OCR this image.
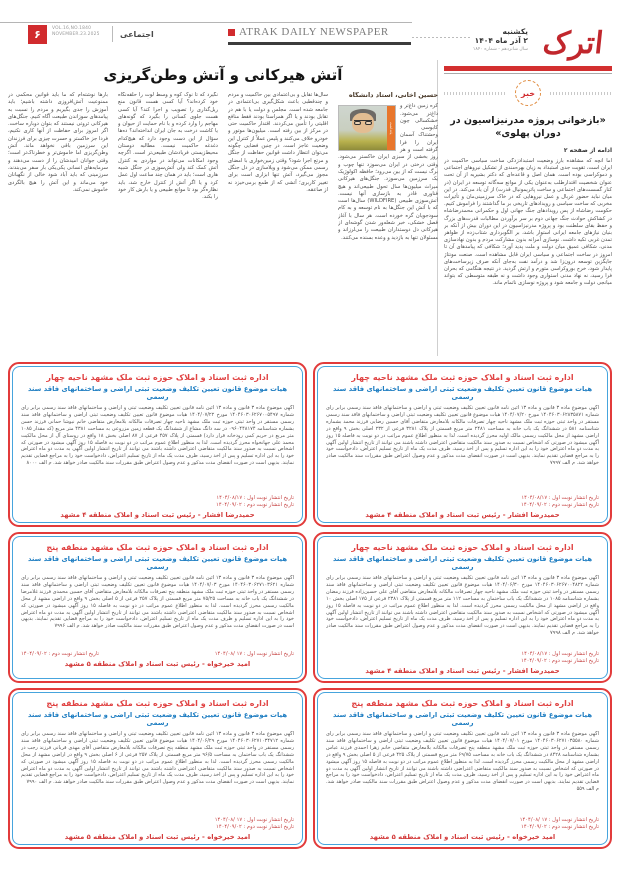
۶	VOL.16,NO.1840
NOVEMBER.23.2025	اجتماعی	ATRAK DAILY NEWSPAPER	یکشنبه
۲ آذر ماه ۱۴۰۴
سال شانزدهم - شماره ۱۸۴۰ اترک
خبر
«بازخوانی پروژه مدرنیزاسیون در دوران پهلوی»
ادامه از صفحه ۲
اما آنچه که مشاهده بارز وضعیت استبدادزدگی ساخت سیاسی حاکمیت در ایران است، تقویت جدی استبداد به زیان بهره‌مندی از تشکیل نیروهای اجتماعی و دموکراسی بوده است. همان اصل و قاعده‌ای که دکتر بشیریه از آن تحت عنوان شخصیت اقتدارطلب به‌عنوان یکی از موانع سه‌گانه توسعه در ایران (در کنار گسست‌های اجتماعی و ساخت پاتریمونیال قدرت) از آن یاد می‌کند. در این میان نباید حضور غربال و عمل نیروهایی که در خاک سرزمینی‌مان و تأثیرات مخربی که ساخت سیاسی و رویدادهای تاریخی بر ما گذاشتند را فراموش کنیم. حکومت رضاشاه از پس رویدادهای جنگ جهانی اول و حکمرانی محمدرضاشاه در کشاکش حوادث جنگ جهانی دوم بر سر برآوردن مطالبات قدرت‌های بزرگ و حفظ بقای سلطنت بود و پروژه مدرنیزاسیون در این دوران بیش از آنکه بر بنیان نیازهای جامعه ایرانی استوار باشد، بر الگوبرداری شتاب‌زده از ظواهر تمدن غربی تکیه داشت. نوسازی آمرانه بدون مشارکت مردم و بدون نهادسازی مدنی، شکافی عمیق میان دولت و ملت پدید آورد؛ شکافی که پیامدهای آن تا امروز در ساخت اجتماعی و سیاسی ایران قابل مشاهده است. صنعت مونتاژ جایگزین توسعه درون‌زا شد و درآمد نفت به‌جای آنکه صرف زیرساخت‌های پایدار شود، خرج بوروکراسی متورم و ارتش گردید. در نتیجه هنگامی که بحران فرا رسید، نه نهاد مدنی استواری وجود داشت و نه طبقه متوسطی که بتواند میانجی دولت و جامعه شود و پروژه نوسازی ناتمام ماند.
آتش هیرکانی و آتش وطن‌گریزی
حسین آخانی، استاد دانشگاه
یادداشت
کره زمین داغ‌تر و داغ‌تر می‌شود. خشکسالی چون کابوسی وحشتناک آسمان ایران را فرا گرفته است و هر روز بخشی از سبزی ایران خاکستر می‌شود. وقتی درختی در ایران می‌سوزد تنها چوب و برگ نیست که از بین می‌رود؛ حافظه اکولوژیک یک سرزمین می‌سوزد. جنگل‌های هیرکانی میراث میلیون‌ها سال تحول طبیعی‌اند و هیچ فناوری قادر به بازسازی آنها نیست. آتش‌سوزی طبیعی (WILDFIRE) سال‌ها است که با آتش این جنگل‌ها به نام توسعه و به کام سودجویان گره خورده است. هر سال با آغاز فصل خشکی، خبر شعله‌ور شدن گوشه‌ای از هیرکانی دل دوستداران طبیعت را می‌لرزاند و مسئولان تنها به بازدید و وعده بسنده می‌کنند.
سال‌ها تقابل و بی‌اعتمادی بین حاکمیت و مردم و چندقطبی باعث شکل‌گیری بی‌اعتمادی در جامعه شده است. مجلس و دولت یا با هم در تقابل بودند و یا اگر همراستا بودند فقط منافع اقلیتی را تأمین می‌کردند. اقتدار حاکمیت حتی در مرکز از بین رفته است. میلیون‌ها موتور و خودرو خلاف می‌کنند و پلیس عملاً از کنترل این وضعیت عاجز است. در چنین فضایی چگونه می‌توان انتظار داشت قوانین حفاظت از جنگل و مرتع اجرا شود؟ وقتی زمین‌خواری با امضای رسمی ممکن می‌شود و ویلاسازی در دل جنگل مجوز می‌گیرد، آتش تنها ابزاری است برای تغییر کاربری؛ آتشی که از طمع برمی‌خیزد نه از صاعقه.
نگیرد که تا نوک کوه و وسط لوت را حلقه‌نگاه خود کرده‌اند؟ آیا کسی هست قانون منع ریل‌گذاری را تصویب و اجرا کند؟ آیا کسی هست جلوی کسانی را بگیرد که گونه‌های مهاجم را وارد کرده و با نام حمایت از حیوان و یا کاشت درخت به جان ایران انداخته‌اند؟ ده‌ها سؤال از این دست وجود دارد که هیچ‌کدام دغدغه حاکمیت نیست. مطالبه دوستان محیط‌زیستی فریادشان طبیعی‌تر است. اگرچه وجود امکانات می‌تواند در مواردی به کنترل آتش کمک کند ولی آتش‌سوزی در جنگل شبیه هاری است؛ باید در همان چند ساعت اول عمل کرد و یا اگر آتش از کنترل خارج شد، باید نظاره‌گر بود تا موانع طبیعی و یا بارش کار خود را بکند.
بارها نوشته‌ام که ما باید قوانین محکمی در ممنوعیت آتش‌افروزی داشته باشیم؛ باید آموزش را جدی بگیریم و مردم را نسبت به پیامدهای سوزاندن طبیعت آگاه کنیم. جنگل‌های هیرکانی ثروتی نیستند که بتوان دوباره ساخت. اگر امروز برای حفاظت از آنها کاری نکنیم، فردا جز خاکستر و حسرت چیزی برای فرزندان این سرزمین باقی نخواهد ماند. آتش وطن‌گریزی اما خاموش‌تر و خطرناک‌تر است؛ وقتی جوانان امیدشان را از دست می‌دهند و سرمایه‌های انسانی یکی‌یکی بار سفر می‌بندند، سرزمینی که باید آباد شود خالی از نگهبانان خود می‌ماند و این آتش را هیچ بالگردی خاموش نمی‌کند.
اداره ثبت اسناد و املاک حوزه ثبت ملک مشهد ناحیه چهار
هیات موضوع قانون تعیین تکلیف وضعیت ثبتی اراضی و ساختمانهای فاقد سند رسمی
آگهی موضوع ماده ۳ قانون و ماده ۱۳ آئین نامه قانون تعیین تکلیف وضعیت ثبتی و اراضی و ساختمانهای فاقد سند رسمی برابر رای شماره ۱۴۰۴۶۰۳۰۶۲۸۳۵۸۷۱ مورخ ۱۴۰۴/۰۷/۲۰ هیات موضوع قانون تعیین تکلیف وضعیت ثبتی اراضی و ساختمانهای فاقد سند رسمی مستقر در واحد ثبتی حوزه ثبت ملک مشهد ناحیه چهار تصرفات مالکانه بلامعارض متقاضی آقای حسین رضایی فرزند محمد بشماره شناسنامه ۵۸۱ در ششدانگ یک باب خانه به مساحت ۲۴۸۱ متر مربع قسمتی از پلاک ۳۲۸۱ فرعی از ۲۳۲ اصلی بخش ۹ واقع در اراضی مشهد از محل مالکیت رسمی مالک اولیه محرز گردیده است. لذا به منظور اطلاع عموم مراتب در دو نوبت به فاصله ۱۵ روز آگهی میشود در صورتی که اشخاص نسبت به صدور سند مالکیت متقاضی اعتراضی داشته باشند می توانند از تاریخ انتشار اولین آگهی به مدت دو ماه اعتراض خود را به این اداره تسلیم و پس از اخذ رسید، ظرف مدت یک ماه از تاریخ تسلیم اعتراض، دادخواست خود را به مراجع قضایی تقدیم نمایند. بدیهی است در صورت انقضای مدت مذکور و عدم وصول اعتراض طبق مقررات سند مالکیت صادر خواهد شد. م الف ۷۹۹۷
تاریخ انتشار نوبت اول : ۱۴۰۴/۰۸/۱۷
تاریخ انتشار نوبت دوم : ۱۴۰۴/۰۹/۰۲
حمیدرضا افشار - رئیس ثبت اسناد و املاک منطقه ۴ مشهد
اداره ثبت اسناد و املاک حوزه ثبت ملک مشهد ناحیه چهار
هیات موضوع قانون تعیین تکلیف وضعیت ثبتی اراضی و ساختمانهای فاقد سند رسمی
آگهی موضوع ماده ۳ قانون و ماده ۱۳ آئین نامه قانون تعیین تکلیف وضعیت ثبتی و اراضی و ساختمانهای فاقد سند رسمی برابر رای شماره ۱۴۰۴۶۰۳۰۶۲۶۷۰۰۵۴۹۷ مورخ ۱۴۰۴/۰۷/۲۲ هیات موضوع قانون تعیین تکلیف وضعیت ثبتی اراضی و ساختمانهای فاقد سند رسمی مستقر در واحد ثبتی حوزه ثبت ملک مشهد ناحیه چهار تصرفات مالکانه بلامعارض متقاضی خانم نیوشا حمانی فرزند حسن بشماره شناسنامه ۰۹۶۰۴۴۸۱۷۴ در سه دانگ مشاع از ششدانگ یک قطعه زمین مزروعی به مساحت ۴۳۸۱ متر مربع (که مقدار ۱۰۸۵ متر مربع در حریم کمی رودخانه قرار دارد) قسمتی از پلاک ۴۵۷ فرعی از ۸۷ اصلی بخش ۱۸ واقع در روستای آل از محل مالکیت محمد علی جهانخواه محرز گردیده است. لذا به منظور اطلاع عموم مراتب در دو نوبت به فاصله ۱۵ روز آگهی میشود در صورتی که اشخاص نسبت به صدور سند مالکیت متقاضی اعتراضی داشته باشند می توانند از تاریخ انتشار اولین آگهی به مدت دو ماه اعتراض خود را به این اداره تسلیم و پس از اخذ رسید، ظرف مدت یک ماه از تاریخ تسلیم اعتراض، دادخواست خود را به مراجع قضایی تقدیم نمایند. بدیهی است در صورت انقضای مدت مذکور و عدم وصول اعتراض طبق مقررات سند مالکیت صادر خواهد شد. م الف ۸۰۰۰
تاریخ انتشار نوبت اول : ۱۴۰۴/۰۸/۱۷
تاریخ انتشار نوبت دوم : ۱۴۰۴/۰۹/۰۲
حمیدرضا افشار - رئیس ثبت اسناد و املاک منطقه ۴ مشهد
اداره ثبت اسناد و املاک حوزه ثبت ملک مشهد ناحیه چهار
هیات موضوع قانون تعیین تکلیف وضعیت ثبتی اراضی و ساختمانهای فاقد سند رسمی
آگهی موضوع ماده ۳ قانون و ماده ۱۳ آئین نامه قانون تعیین تکلیف وضعیت ثبتی و اراضی و ساختمانهای فاقد سند رسمی برابر رای شماره ۱۴۰۴۶۰۳۰۶۲۶۷۰۰۴۸۲۲ مورخ ۱۴۰۴/۰۶/۳۰ هیات موضوع قانون تعیین تکلیف وضعیت ثبتی اراضی و ساختمانهای فاقد سند رسمی مستقر در واحد ثبتی حوزه ثبت ملک مشهد ناحیه چهار تصرفات مالکانه بلامعارض متقاضی آقای علی حسین‌زاده فرزند رمضان بشماره شناسنامه ۱۰۸۵ در ششدانگ یک باب ساختمان به مساحت ۱۱۲ متر مربع قسمتی از پلاک ۲۳۸۱ فرعی از ۱۷۵ اصلی بخش ۱۰ واقع در اراضی مشهد از محل مالکیت رسمی محرز گردیده است. لذا به منظور اطلاع عموم مراتب در دو نوبت به فاصله ۱۵ روز آگهی میشود در صورتی که اشخاص نسبت به صدور سند مالکیت متقاضی اعتراضی داشته باشند می توانند از تاریخ انتشار اولین آگهی به مدت دو ماه اعتراض خود را به این اداره تسلیم و پس از اخذ رسید، ظرف مدت یک ماه از تاریخ تسلیم اعتراض، دادخواست خود را به مراجع قضایی تقدیم نمایند. بدیهی است در صورت انقضای مدت مذکور و عدم وصول اعتراض طبق مقررات سند مالکیت صادر خواهد شد. م الف ۷۹۹۸
تاریخ انتشار نوبت اول : ۱۴۰۴/۰۸/۱۷
تاریخ انتشار نوبت دوم : ۱۴۰۴/۰۹/۰۲
حمیدرضا افشار - رئیس ثبت اسناد و املاک منطقه ۴ مشهد
اداره ثبت اسناد و املاک حوزه ثبت ملک مشهد منطقه پنج
هیات موضوع قانون تعیین تکلیف وضعیت ثبتی اراضی و ساختمانهای فاقد سند رسمی
آگهی موضوع ماده ۳ قانون و ماده ۱۳ آئین نامه قانون تعیین تکلیف وضعیت ثبتی و اراضی و ساختمانهای فاقد سند رسمی برابر رای شماره ۱۴۰۴۶۰۳۰۶۲۷۱۰۳۶۲۱ مورخ ۱۴۰۴/۰۷/۰۳ هیات موضوع قانون تعیین تکلیف وضعیت ثبتی اراضی و ساختمانهای فاقد سند رسمی مستقر در واحد ثبتی حوزه ثبت ملک مشهد منطقه پنج تصرفات مالکانه بلامعارض متقاضی آقای حسین محمدی فرزند غلامرضا در ششدانگ یک باب خانه به مساحت ۷۵/۲۵ متر مربع قسمتی از پلاک ۲۵۷ فرعی از ۵ اصلی بخش ۹ واقع در اراضی مشهد از محل مالکیت رسمی محرز گردیده است. لذا به منظور اطلاع عموم مراتب در دو نوبت به فاصله ۱۵ روز آگهی میشود در صورتی که اشخاص نسبت به صدور سند مالکیت متقاضی اعتراضی داشته باشند می توانند از تاریخ انتشار اولین آگهی به مدت دو ماه اعتراض خود را به این اداره تسلیم و ظرف مدت یک ماه از تاریخ تسلیم اعتراض، دادخواست خود را به مراجع قضایی تقدیم نمایند. بدیهی است در صورت انقضای مدت مذکور و عدم وصول اعتراض طبق مقررات سند مالکیت صادر خواهد شد. م الف ۷۹۹۶
تاریخ انتشار نوبت اول : ۱۷ /۱۴۰۴/۰۸
تاریخ انتشار نوبت دوم : ۱۴۰۴/۰۹/۰۲
امید خیرخواه - رئیس ثبت اسناد و املاک منطقه ۵ مشهد
اداره ثبت اسناد و املاک حوزه ثبت ملک مشهد منطقه پنج
هیات موضوع قانون تعیین تکلیف وضعیت ثبتی اراضی و ساختمانهای فاقد سند رسمی
آگهی موضوع ماده ۳ قانون و ماده ۱۳ آئین نامه قانون تعیین تکلیف وضعیت ثبتی و اراضی و ساختمانهای فاقد سند رسمی برابر رای شماره ۱۴۰۴۶۰۳۰۶۲۷۱۰۳۵۵۸۰ مورخ ۱۴۰۴/۰۷/۰۱ هیات موضوع قانون تعیین تکلیف وضعیت ثبتی اراضی و ساختمانهای فاقد سند رسمی مستقر در واحد ثبتی حوزه ثبت ملک مشهد منطقه پنج تصرفات مالکانه بلامعارض متقاضی خانم زهرا احمدی فرزند عباس بشماره شناسنامه ۸۴۲۸ در ششدانگ یک باب خانه به مساحت ۶۹/۷۵ متر مربع قسمتی از پلاک ۴۲۵ فرعی از ۵ اصلی بخش ۹ واقع در اراضی مشهد از محل مالکیت رسمی محرز گردیده است. لذا به منظور اطلاع عموم مراتب در دو نوبت به فاصله ۱۵ روز آگهی میشود در صورتی که اشخاص نسبت به صدور سند مالکیت متقاضی اعتراضی داشته باشند می توانند از تاریخ انتشار اولین آگهی به مدت دو ماه اعتراض خود را به این اداره تسلیم و پس از اخذ رسید، ظرف مدت یک ماه از تاریخ تسلیم اعتراض، دادخواست خود را به مراجع قضایی تقدیم نمایند. بدیهی است در صورت انقضای مدت مذکور و عدم وصول اعتراض طبق مقررات سند مالکیت صادر خواهد شد. م الف ۵۵۹
تاریخ انتشار نوبت اول : ۱۷ /۱۴۰۴/۰۸
تاریخ انتشار نوبت دوم : ۱۴۰۴/۰۹/۰۲
امید خیرخواه - رئیس ثبت اسناد و املاک منطقه ۵ مشهد
اداره ثبت اسناد و املاک حوزه ثبت ملک مشهد منطقه پنج
هیات موضوع قانون تعیین تکلیف وضعیت ثبتی اراضی و ساختمانهای فاقد سند رسمی
آگهی موضوع ماده ۳ قانون و ماده ۱۳ آئین نامه قانون تعیین تکلیف وضعیت ثبتی و اراضی و ساختمانهای فاقد سند رسمی برابر رای شماره ۱۴۰۴۶۰۳۰۶۲۷۱۰۳۴۷۱۲ مورخ ۱۴۰۴/۰۶/۲۹ هیات موضوع قانون تعیین تکلیف وضعیت ثبتی اراضی و ساختمانهای فاقد سند رسمی مستقر در واحد ثبتی حوزه ثبت ملک مشهد منطقه پنج تصرفات مالکانه بلامعارض متقاضی آقای مهدی قربانی فرزند رجب در ششدانگ یک باب ساختمان به مساحت ۹۶/۵ متر مربع قسمتی از پلاک ۲۵۷ فرعی از ۶ اصلی بخش ۹ واقع در اراضی مشهد از محل مالکیت رسمی محرز گردیده است. لذا به منظور اطلاع عموم مراتب در دو نوبت به فاصله ۱۵ روز آگهی میشود در صورتی که اشخاص نسبت به صدور سند مالکیت متقاضی اعتراضی داشته باشند می توانند از تاریخ انتشار اولین آگهی به مدت دو ماه اعتراض خود را به این اداره تسلیم و پس از اخذ رسید، ظرف مدت یک ماه از تاریخ تسلیم اعتراض، دادخواست خود را به مراجع قضایی تقدیم نمایند. بدیهی است در صورت انقضای مدت مذکور و عدم وصول اعتراض طبق مقررات سند مالکیت صادر خواهد شد. م الف ۷۹۹۰
تاریخ انتشار نوبت اول : ۱۷ /۱۴۰۴/۰۸
تاریخ انتشار نوبت دوم : ۱۴۰۴/۰۹/۰۲
امید خیرخواه - رئیس ثبت اسناد و املاک منطقه ۵ مشهد
